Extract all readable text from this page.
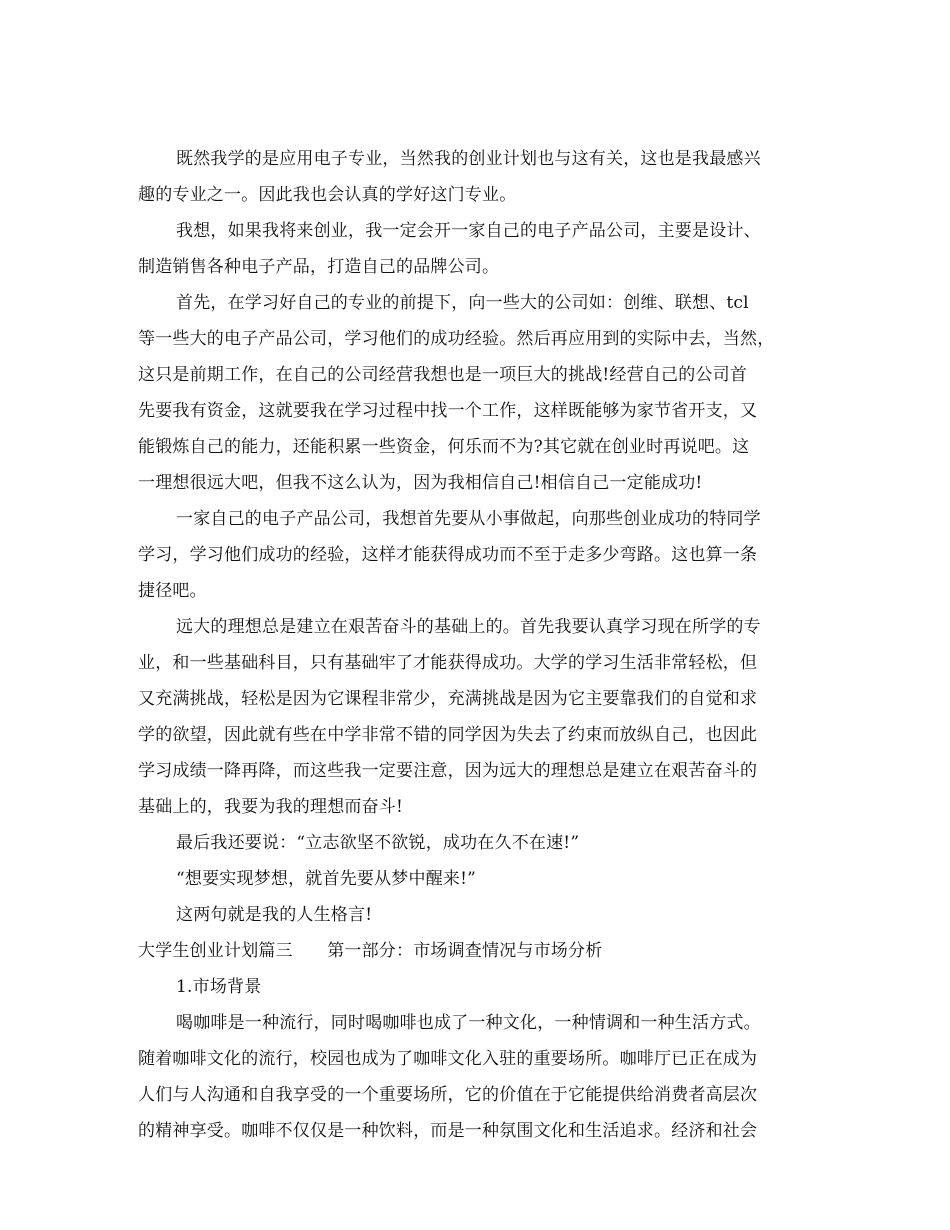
既然我学的是应用电子专业，当然我的创业计划也与这有关，这也是我最感兴
趣的专业之一。因此我也会认真的学好这门专业。
我想，如果我将来创业，我一定会开一家自己的电子产品公司，主要是设计、
制造销售各种电子产品，打造自己的品牌公司。
首先，在学习好自己的专业的前提下，向一些大的公司如：创维、联想、tcl
等一些大的电子产品公司，学习他们的成功经验。然后再应用到的实际中去，当然，
这只是前期工作，在自己的公司经营我想也是一项巨大的挑战!经营自己的公司首
先要我有资金，这就要我在学习过程中找一个工作，这样既能够为家节省开支，又
能锻炼自己的能力，还能积累一些资金，何乐而不为?其它就在创业时再说吧。这
一理想很远大吧，但我不这么认为，因为我相信自己!相信自己一定能成功!
一家自己的电子产品公司，我想首先要从小事做起，向那些创业成功的特同学
学习，学习他们成功的经验，这样才能获得成功而不至于走多少弯路。这也算一条
捷径吧。
远大的理想总是建立在艰苦奋斗的基础上的。首先我要认真学习现在所学的专
业，和一些基础科目，只有基础牢了才能获得成功。大学的学习生活非常轻松，但
又充满挑战，轻松是因为它课程非常少，充满挑战是因为它主要靠我们的自觉和求
学的欲望，因此就有些在中学非常不错的同学因为失去了约束而放纵自己，也因此
学习成绩一降再降，而这些我一定要注意，因为远大的理想总是建立在艰苦奋斗的
基础上的，我要为我的理想而奋斗!
最后我还要说：“立志欲坚不欲锐，成功在久不在速!”
“想要实现梦想，就首先要从梦中醒来!”
这两句就是我的人生格言!
大学生创业计划篇三　　第一部分：市场调查情况与市场分析
1.市场背景
喝咖啡是一种流行，同时喝咖啡也成了一种文化，一种情调和一种生活方式。
随着咖啡文化的流行，校园也成为了咖啡文化入驻的重要场所。咖啡厅已正在成为
人们与人沟通和自我享受的一个重要场所，它的价值在于它能提供给消费者高层次
的精神享受。咖啡不仅仅是一种饮料，而是一种氛围文化和生活追求。经济和社会
